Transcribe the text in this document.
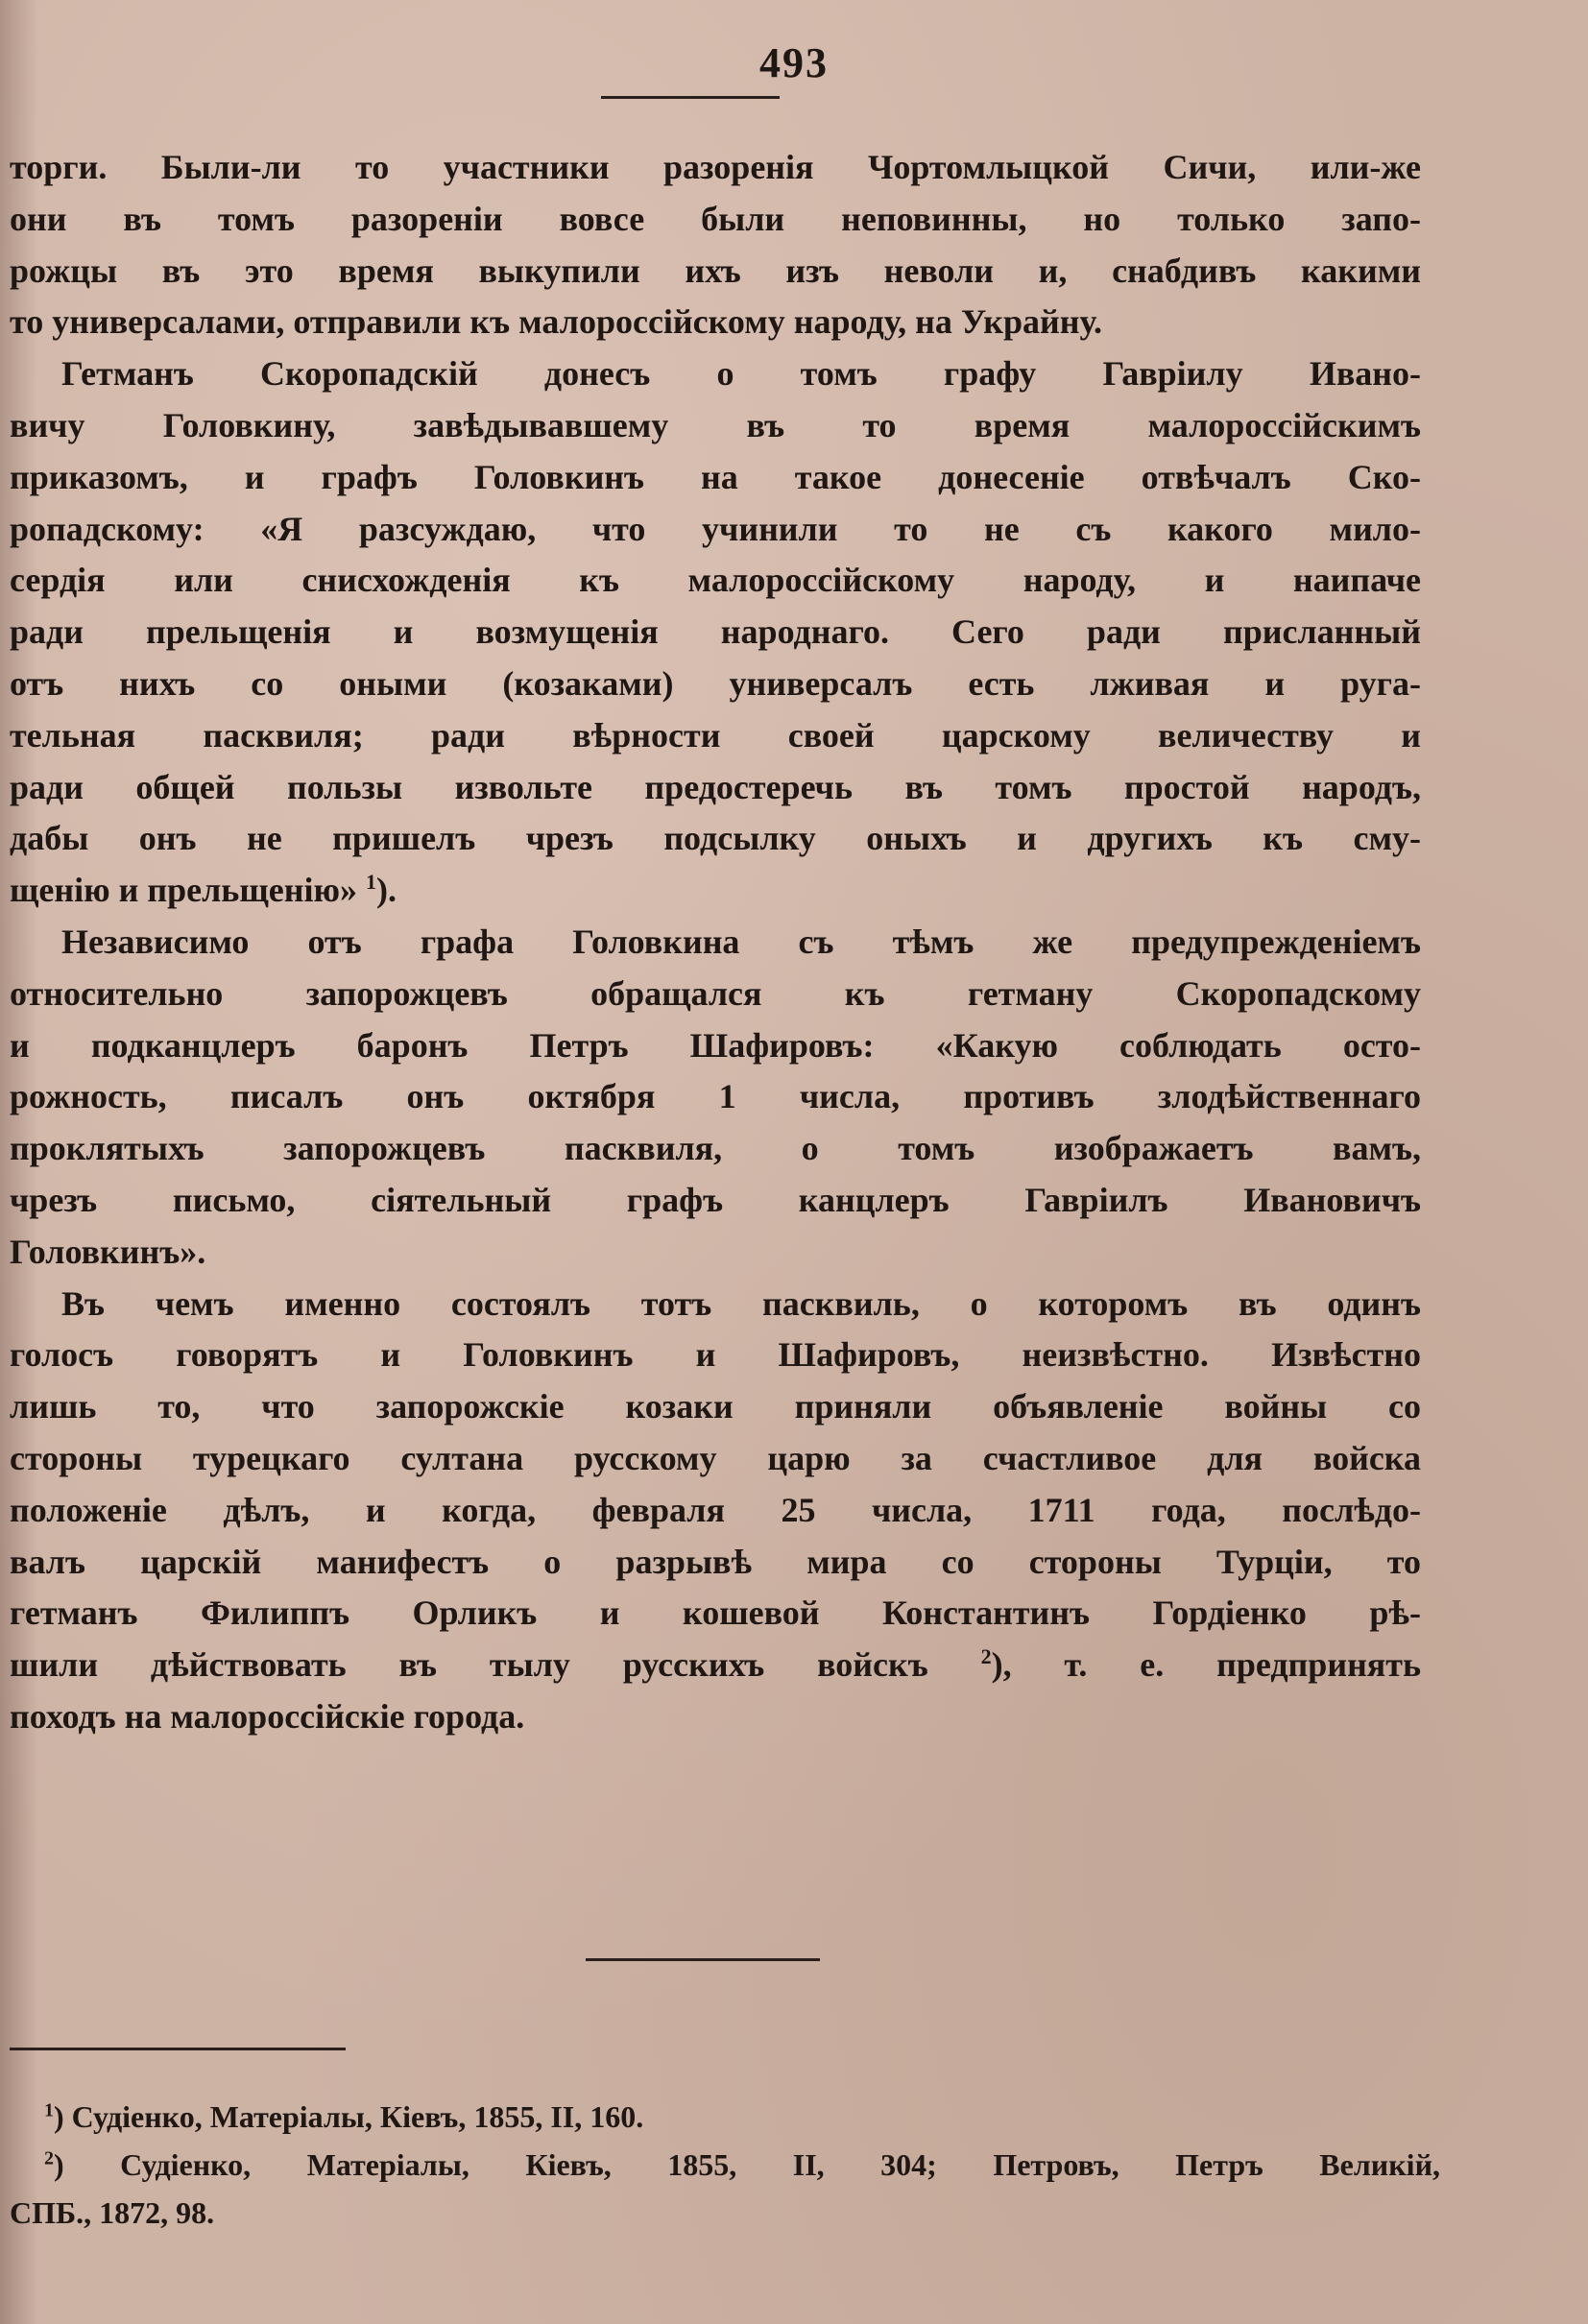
493
торги. Были-ли то участники разоренія Чортомлыцкой Сичи, или-же
они въ томъ разореніи вовсе были неповинны, но только запо-
рожцы въ это время выкупили ихъ изъ неволи и, снабдивъ какими
то универсалами, отправили къ малороссійскому народу, на Украйну.
Гетманъ Скоропадскій донесъ о томъ графу Гавріилу Ивано-
вичу Головкину, завѣдывавшему въ то время малороссійскимъ
приказомъ, и графъ Головкинъ на такое донесеніе отвѣчалъ Ско-
ропадскому: «Я разсуждаю, что учинили то не съ какого мило-
сердія или снисхожденія къ малороссійскому народу, и наипаче
ради прельщенія и возмущенія народнаго. Сего ради присланный
отъ нихъ со оными (козаками) универсалъ есть лживая и руга-
тельная пасквиля; ради вѣрности своей царскому величеству и
ради общей пользы извольте предостеречь въ томъ простой народъ,
дабы онъ не пришелъ чрезъ подсылку оныхъ и другихъ къ сму-
щенію и прельщенію» $^1$).
Независимо отъ графа Головкина съ тѣмъ же предупрежденіемъ
относительно запорожцевъ обращался къ гетману Скоропадскому
и подканцлеръ баронъ Петръ Шафировъ: «Какую соблюдать осто-
рожность, писалъ онъ октября 1 числа, противъ злодѣйственнаго
проклятыхъ запорожцевъ пасквиля, о томъ изображаетъ вамъ,
чрезъ письмо, сіятельный графъ канцлеръ Гавріилъ Ивановичъ
Головкинъ».
Въ чемъ именно состоялъ тотъ пасквиль, о которомъ въ одинъ
голосъ говорятъ и Головкинъ и Шафировъ, неизвѣстно. Извѣстно
лишь то, что запорожскіе козаки приняли объявленіе войны со
стороны турецкаго султана русскому царю за счастливое для войска
положеніе дѣлъ, и когда, февраля 25 числа, 1711 года, послѣдо-
валъ царскій манифестъ о разрывѣ мира со стороны Турціи, то
гетманъ Филиппъ Орликъ и кошевой Константинъ Гордіенко рѣ-
шили дѣйствовать въ тылу русскихъ войскъ $^2$), т. е. предпринять
походъ на малороссійскіе города.
$^1$) Судіенко, Матеріалы, Кіевъ, 1855, II, 160.
$^2$) Судіенко, Матеріалы, Кіевъ, 1855, II, 304; Петровъ, Петръ Великій,
СПБ., 1872, 98.
